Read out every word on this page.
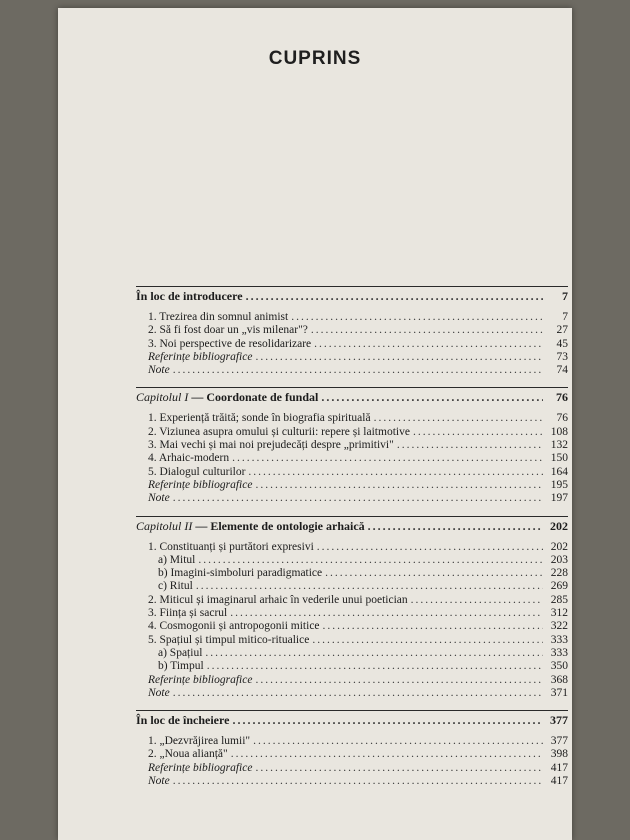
CUPRINS
În loc de introducere .....	7
1. Trezirea din somnul animist .....	7
2. Să fi fost doar un „vis milenar"? .....	27
3. Noi perspective de resolidarizare .....	45
Referințe bibliografice .....	73
Note .....	74
Capitolul I — Coordonate de fundal .....	76
1. Experiență trăită; sonde în biografia spirituală .....	76
2. Viziunea asupra omului și culturii: repere și laitmotive .....	108
3. Mai vechi și mai noi prejudecăți despre „primitivi" .....	132
4. Arhaic-modern .....	150
5. Dialogul culturilor .....	164
Referințe bibliografice .....	195
Note .....	197
Capitolul II — Elemente de ontologie arhaică .....	202
1. Constituanți și purtători expresivi .....	202
a) Mitul .....	203
b) Imagini-simboluri paradigmatice .....	228
c) Ritul .....	269
2. Miticul și imaginarul arhaic în vederile unui poetician .....	285
3. Ființa și sacrul .....	312
4. Cosmogonii și antropogonii mitice .....	322
5. Spațiul și timpul mitico-ritualice .....	333
a) Spațiul .....	333
b) Timpul .....	350
Referințe bibliografice .....	368
Note .....	371
În loc de încheiere .....	377
1. „Dezvrăjirea lumii" .....	377
2. „Noua alianță" .....	398
Referințe bibliografice .....	417
Note .....	417
